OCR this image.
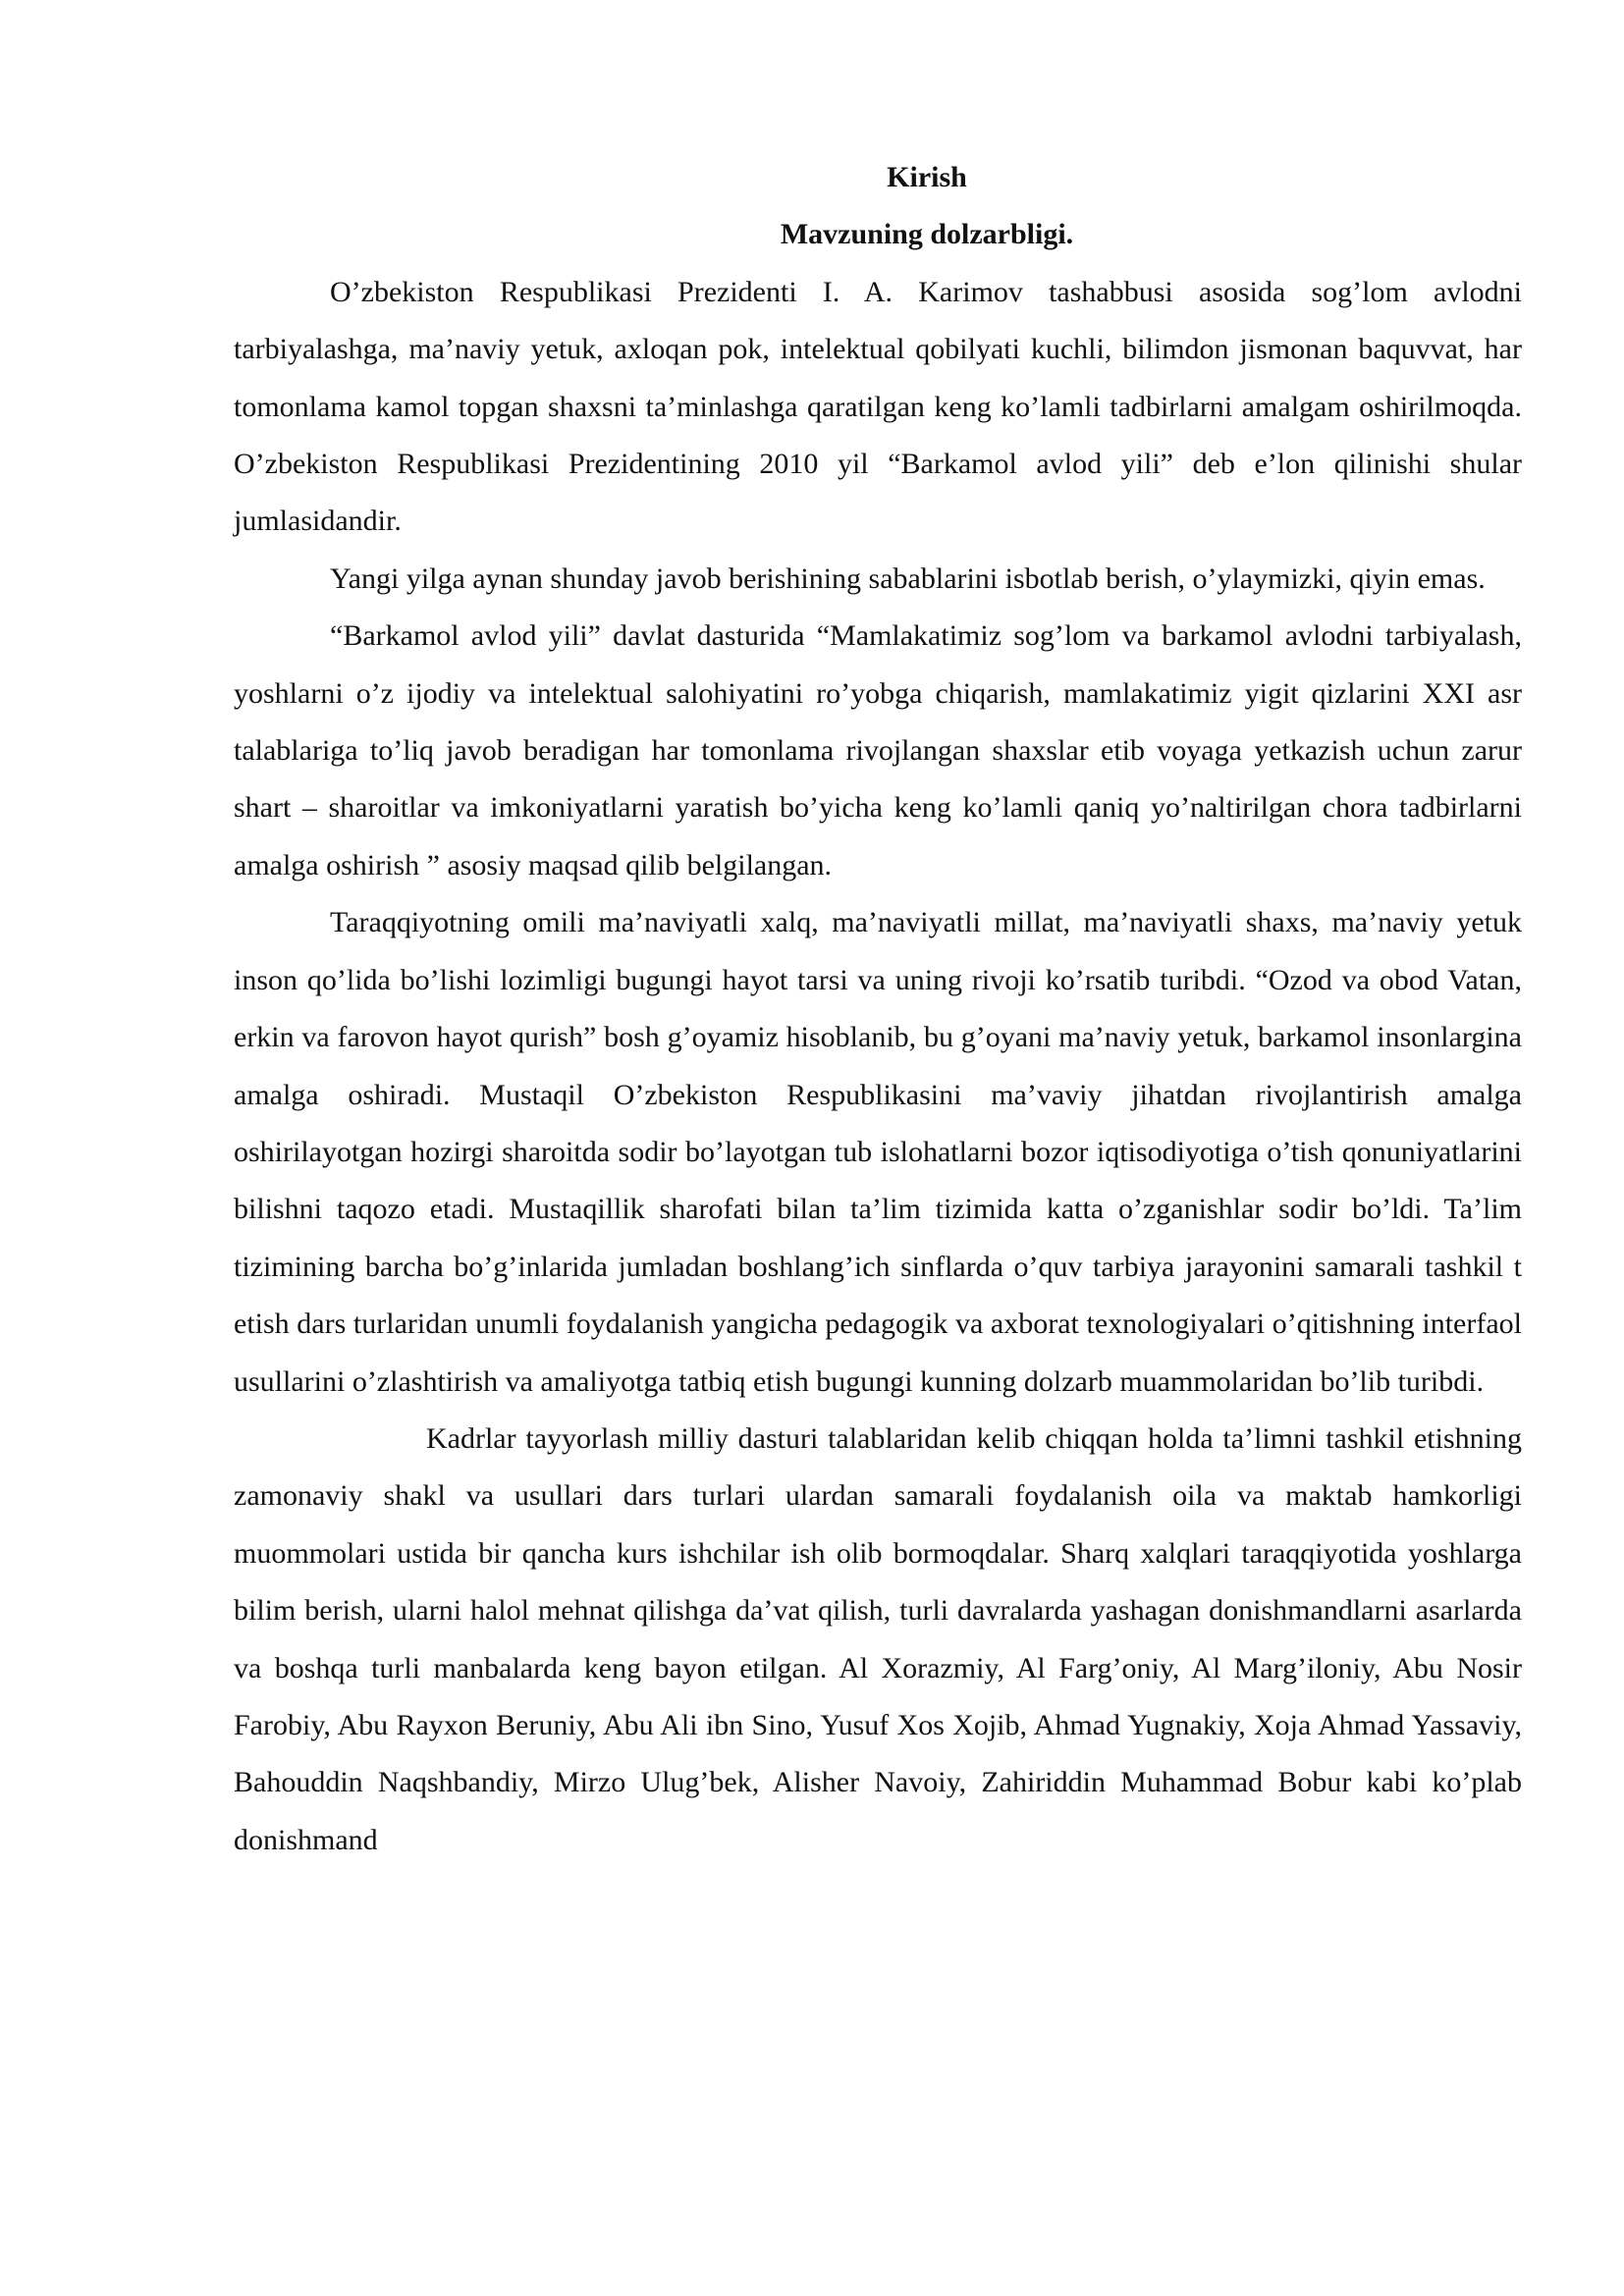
Kirish

Mavzuning dolzarbligi.

O’zbekiston Respublikasi Prezidenti I. A. Karimov tashabbusi asosida sog’lom avlodni tarbiyalashga, ma’naviy yetuk, axloqan pok, intelektual qobilyati kuchli, bilimdon jismonan baquvvat, har tomonlama kamol topgan shaxsni ta’minlashga qaratilgan keng ko’lamli tadbirlarni amalgam oshirilmoqda. O’zbekiston Respublikasi Prezidentining 2010 yil “Barkamol avlod yili” deb e’lon qilinishi shular jumlasidandir.

Yangi yilga aynan shunday javob berishining sabablarini isbotlab berish, o’ylaymizki, qiyin emas.

“Barkamol avlod yili” davlat dasturida “Mamlakatimiz sog’lom va barkamol avlodni tarbiyalash, yoshlarni o’z ijodiy va intelektual salohiyatini ro’yobga chiqarish, mamlakatimiz yigit qizlarini XXI asr talablariga to’liq javob beradigan har tomonlama rivojlangan shaxslar etib voyaga yetkazish uchun zarur shart – sharoitlar va imkoniyatlarni yaratish bo’yicha keng ko’lamli qaniq yo’naltirilgan chora tadbirlarni amalga oshirish ” asosiy maqsad qilib belgilangan.

Taraqqiyotning omili ma’naviyatli xalq, ma’naviyatli millat, ma’naviyatli shaxs, ma’naviy yetuk inson qo’lida bo’lishi lozimligi bugungi hayot tarsi va uning rivoji ko’rsatib turibdi. “Ozod va obod Vatan, erkin va farovon hayot qurish” bosh g’oyamiz hisoblanib, bu g’oyani ma’naviy yetuk, barkamol insonlargina amalga oshiradi. Mustaqil O’zbekiston Respublikasini ma’vaviy jihatdan rivojlantirish amalga oshirilayotgan hozirgi sharoitda sodir bo’layotgan tub islohatlarni bozor iqtisodiyotiga o’tish qonuniyatlarini bilishni taqozo etadi. Mustaqillik sharofati bilan ta’lim tizimida katta o’zganishlar sodir bo’ldi. Ta’lim tizimining barcha bo’g’inlarida jumladan boshlang’ich sinflarda o’quv tarbiya jarayonini samarali tashkil t etish dars turlaridan unumli foydalanish yangicha pedagogik va axborat texnologiyalari o’qitishning interfaol usullarini o’zlashtirish va amaliyotga tatbiq etish bugungi kunning dolzarb muammolaridan bo’lib turibdi.

Kadrlar tayyorlash milliy dasturi talablaridan kelib chiqqan holda ta’limni tashkil etishning zamonaviy shakl va usullari dars turlari ulardan samarali foydalanish oila va maktab hamkorligi muommolari ustida bir qancha kurs ishchilar ish olib bormoqdalar. Sharq xalqlari taraqqiyotida yoshlarga bilim berish, ularni halol mehnat qilishga da’vat qilish, turli davralarda yashagan donishmandlarni asarlarda va boshqa turli manbalarda keng bayon etilgan. Al Xorazmiy, Al Farg’oniy, Al Marg’iloniy, Abu Nosir Farobiy, Abu Rayxon Beruniy, Abu Ali ibn Sino, Yusuf Xos Xojib, Ahmad Yugnakiy, Xoja Ahmad Yassaviy, Bahouddin Naqshbandiy, Mirzo Ulug’bek, Alisher Navoiy, Zahiriddin Muhammad Bobur kabi ko’plab donishmand
